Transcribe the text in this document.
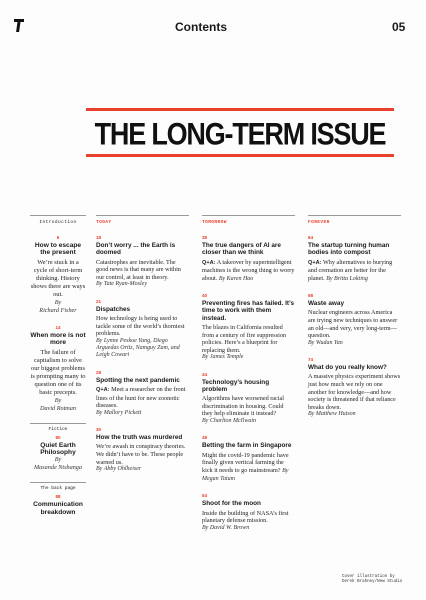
Contents	05
THE LONG-TERM ISSUE
Introduction
6
How to escape the present
We’re stuck in a cycle of short-term thinking. History shows there are ways out.
By
Richard Fisher
14
When more is not more
The failure of capitalism to solve our biggest problems is prompting many to question one of its basic precepts.
By
David Rotman
Fiction
80
Quiet Earth Philosophy
By
Masande Ntshanga
The back page
88
Communication breakdown
TODAY
18
Don’t worry ... the Earth is doomed
Catastrophes are inevitable. The good news is that many are within our control, at least in theory.
By Tate Ryan-Mosley
21
Dispatches
How technology is being used to tackle some of the world’s thorniest problems.
By Lynne Peskoe Yang, Diego Arguedas Ortiz, Namguy Zam, and Leigh Cowart
28
Spotting the next pandemic
Q+A: Meet a researcher on the front lines of the hunt for new zoonotic diseases.
By Mallory Pickett
30
How the truth was murdered
We’re awash in conspiracy theories. We didn’t have to be. These people warned us.
By Abby Ohlheiser
TOMORROW
38
The true dangers of AI are closer than we think
Q+A: A takeover by superintelligent machines is the wrong thing to worry about. By Karen Hao
40
Preventing fires has failed. It’s time to work with them instead.
The blazes in California resulted from a century of fire suppression policies. Here’s a blueprint for replacing them.
By James Temple
44
Technology’s housing problem
Algorithms have worsened racial discrimination in housing. Could they help eliminate it instead?
By Charlton McIlwain
48
Betting the farm in Singapore
Might the covid-19 pandemic have finally given vertical farming the kick it needs to go mainstream? By Megan Tatum
54
Shoot for the moon
Inside the building of NASA’s first planetary defense mission.
By David W. Brown
FOREVER
64
The startup turning human bodies into compost
Q+A: Why alternatives to burying and cremation are better for the planet. By Britta Lokting
68
Waste away
Nuclear engineers across America are trying new techniques to answer an old—and very, very long-term—question.
By Wudan Yan
74
What do you really know?
A massive physics experiment shows just how much we rely on one another for knowledge—and how society is threatened if that reliance breaks down.
By Matthew Hutson
Cover illustration by
Derek Brahney/New Studio
